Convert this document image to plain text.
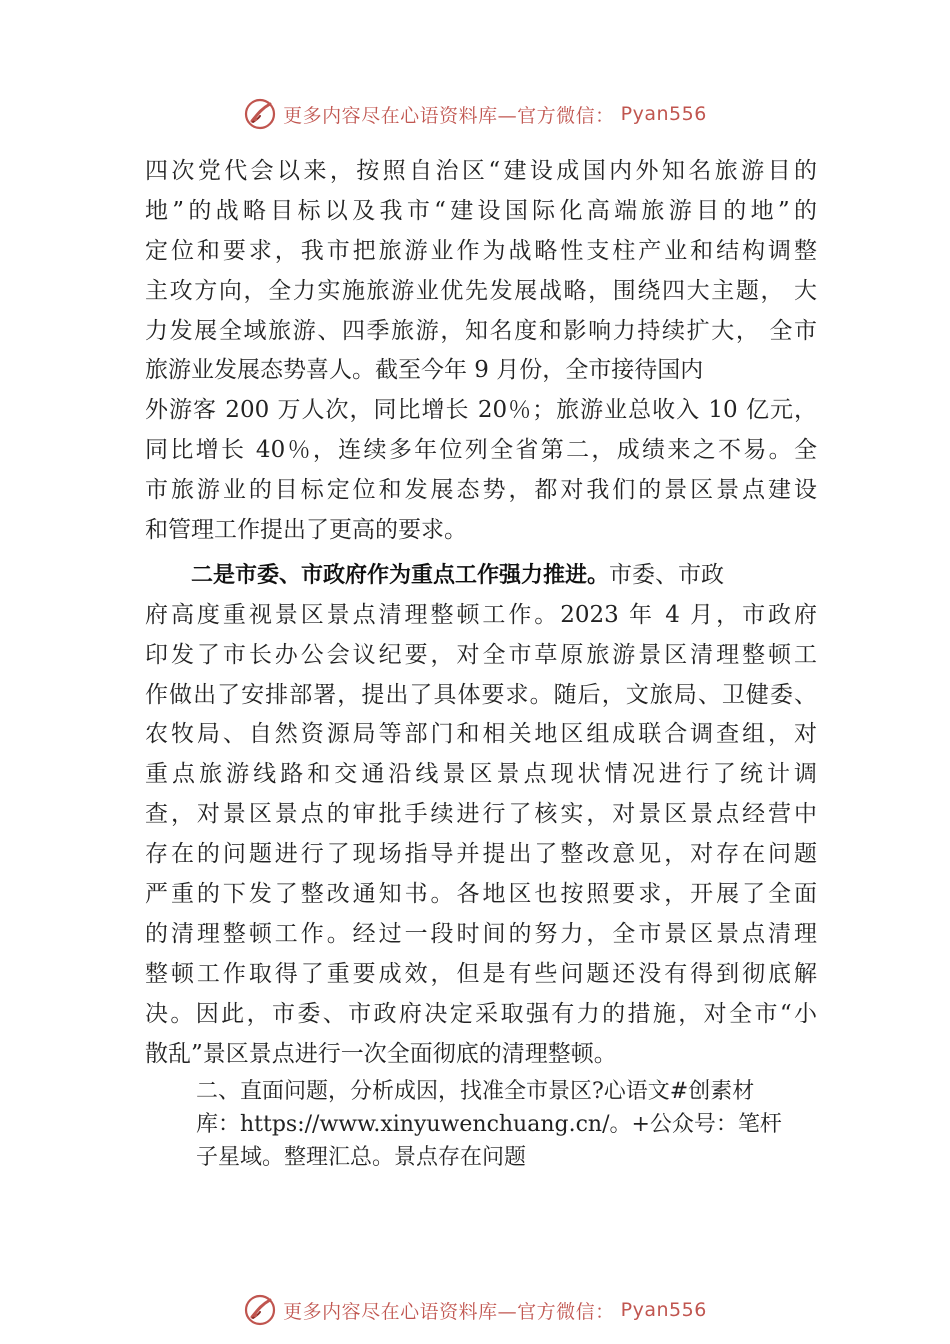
更多内容尽在心语资料库—官方微信： Pyan556
四次党代会以来，按照自治区“建设成国内外知名旅游目的
地”的战略目标以及我市“建设国际化高端旅游目的地”的
定位和要求，我市把旅游业作为战略性支柱产业和结构调整
主攻方向，全力实施旅游业优先发展战略，围绕四大主题， 大
力发展全域旅游、四季旅游，知名度和影响力持续扩大， 全市
旅游业发展态势喜人。截至今年 9 月份，全市接待国内
外游客 200 万人次，同比增长 20％；旅游业总收入 10 亿元，
同比增长 40％，连续多年位列全省第二，成绩来之不易。全
市旅游业的目标定位和发展态势，都对我们的景区景点建设
和管理工作提出了更高的要求。
二是市委、市政府作为重点工作强力推进。市委、市政
府高度重视景区景点清理整顿工作。2023 年 4 月，市政府
印发了市长办公会议纪要，对全市草原旅游景区清理整顿工
作做出了安排部署，提出了具体要求。随后，文旅局、卫健委、
农牧局、自然资源局等部门和相关地区组成联合调查组，对
重点旅游线路和交通沿线景区景点现状情况进行了统计调
查，对景区景点的审批手续进行了核实，对景区景点经营中
存在的问题进行了现场指导并提出了整改意见，对存在问题
严重的下发了整改通知书。各地区也按照要求，开展了全面
的清理整顿工作。经过一段时间的努力，全市景区景点清理
整顿工作取得了重要成效，但是有些问题还没有得到彻底解
决。因此，市委、市政府决定采取强有力的措施，对全市“小
散乱”景区景点进行一次全面彻底的清理整顿。
二、直面问题，分析成因，找准全市景区?心语文#创素材
库：https://www.xinyuwenchuang.cn/。+公众号：笔杆
子星域。整理汇总。景点存在问题
更多内容尽在心语资料库—官方微信： Pyan556
